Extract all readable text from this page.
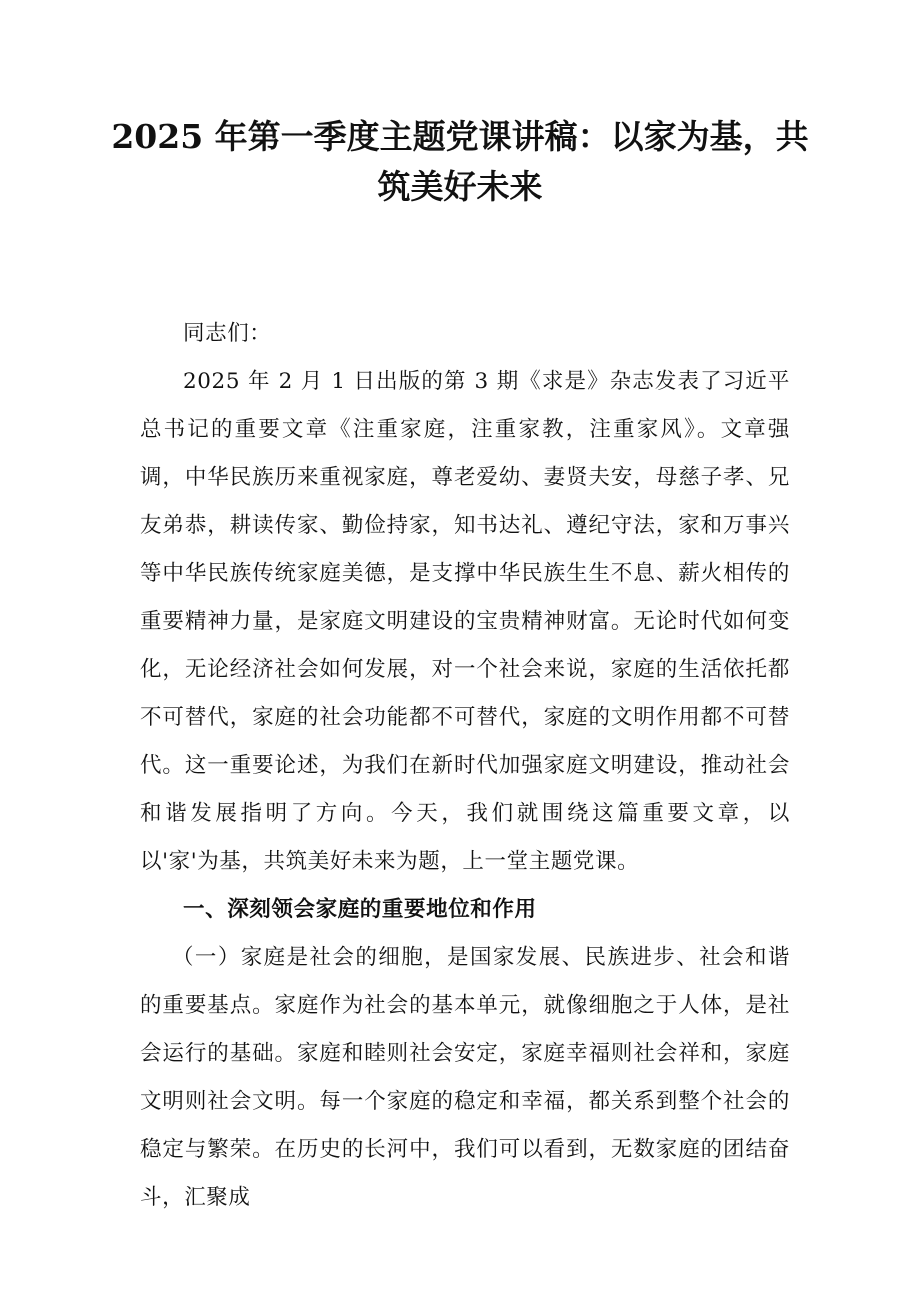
2025 年第一季度主题党课讲稿：以家为基，共筑美好未来
同志们：
2025 年 2 月 1 日出版的第 3 期《求是》杂志发表了习近平总书记的重要文章《注重家庭，注重家教，注重家风》。文章强调，中华民族历来重视家庭，尊老爱幼、妻贤夫安，母慈子孝、兄友弟恭，耕读传家、勤俭持家，知书达礼、遵纪守法，家和万事兴等中华民族传统家庭美德，是支撑中华民族生生不息、薪火相传的重要精神力量，是家庭文明建设的宝贵精神财富。无论时代如何变化，无论经济社会如何发展，对一个社会来说，家庭的生活依托都不可替代，家庭的社会功能都不可替代，家庭的文明作用都不可替代。这一重要论述，为我们在新时代加强家庭文明建设，推动社会和谐发展指明了方向。今天，我们就围绕这篇重要文章，以以'家'为基，共筑美好未来为题，上一堂主题党课。
一、深刻领会家庭的重要地位和作用
（一）家庭是社会的细胞，是国家发展、民族进步、社会和谐的重要基点。家庭作为社会的基本单元，就像细胞之于人体，是社会运行的基础。家庭和睦则社会安定，家庭幸福则社会祥和，家庭文明则社会文明。每一个家庭的稳定和幸福，都关系到整个社会的稳定与繁荣。在历史的长河中，我们可以看到，无数家庭的团结奋斗，汇聚成
